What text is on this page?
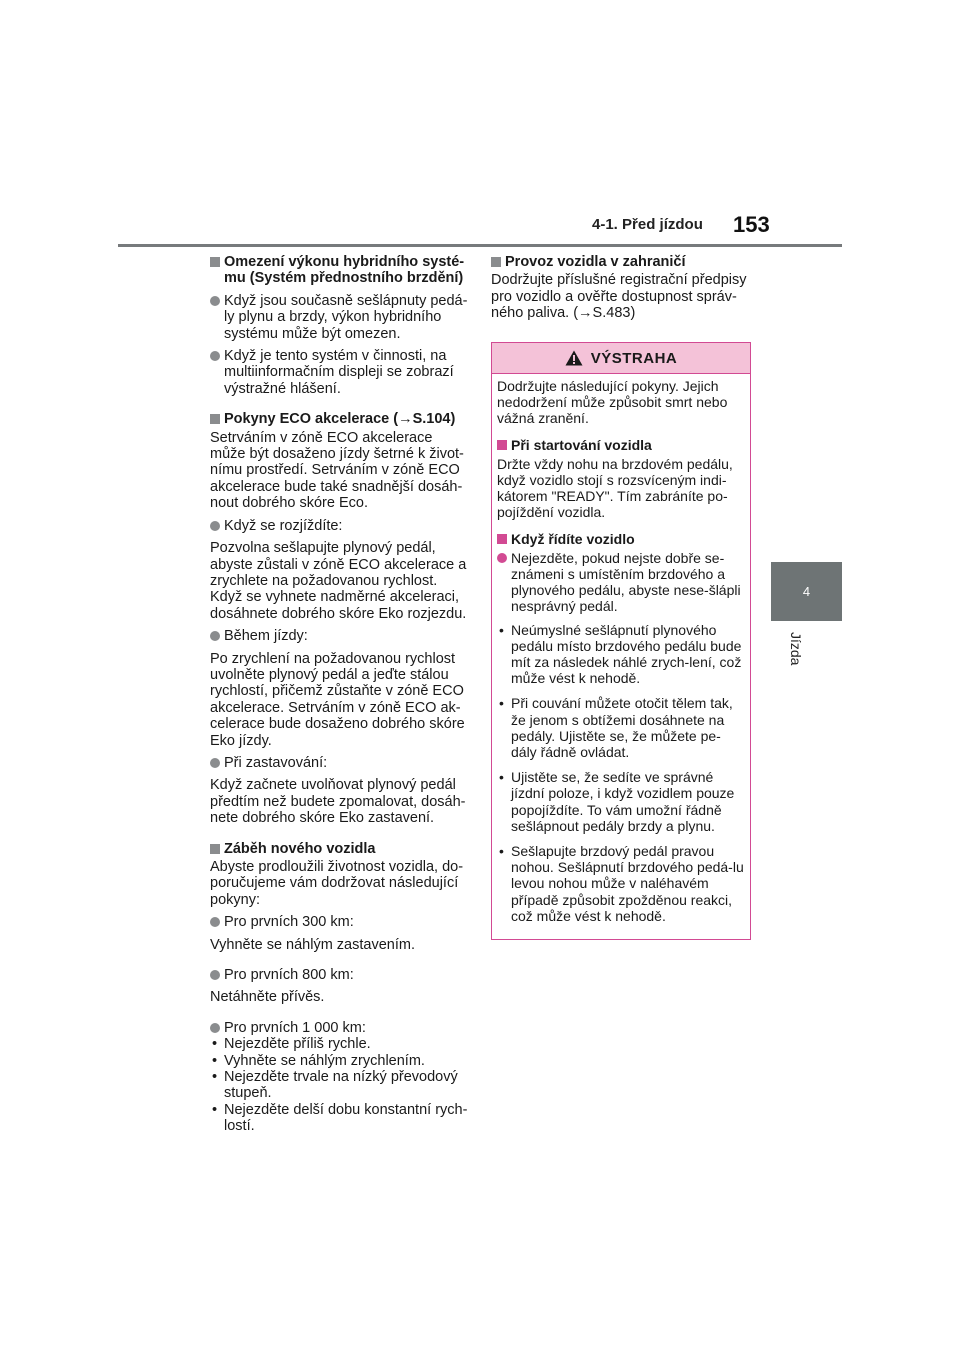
4-1. Před jízdou 153
4
Jízda
Omezení výkonu hybridního systé-mu (Systém přednostního brzdění)
Když jsou současně sešlápnuty pedá-ly plynu a brzdy, výkon hybridního systému může být omezen.
Když je tento systém v činnosti, na multiinformačním displeji se zobrazí výstražné hlášení.
Pokyny ECO akcelerace (→S.104)
Setrváním v zóně ECO akcelerace může být dosaženo jízdy šetrné k život-nímu prostředí. Setrváním v zóně ECO akcelerace bude také snadnější dosáh-nout dobrého skóre Eco.
Když se rozjíždíte:
Pozvolna sešlapujte plynový pedál, abyste zůstali v zóně ECO akcelerace a zrychlete na požadovanou rychlost. Když se vyhnete nadměrné akceleraci, dosáhnete dobrého skóre Eko rozjezdu.
Během jízdy:
Po zrychlení na požadovanou rychlost uvolněte plynový pedál a jeďte stálou rychlostí, přičemž zůstaňte v zóně ECO akcelerace. Setrváním v zóně ECO ak-celerace bude dosaženo dobrého skóre Eko jízdy.
Při zastavování:
Když začnete uvolňovat plynový pedál předtím než budete zpomalovat, dosáh-nete dobrého skóre Eko zastavení.
Záběh nového vozidla
Abyste prodloužili životnost vozidla, do-poručujeme vám dodržovat následující pokyny:
Pro prvních 300 km:
Vyhněte se náhlým zastavením.
Pro prvních 800 km:
Netáhněte přívěs.
Pro prvních 1 000 km:
• Nejezděte příliš rychle.
• Vyhněte se náhlým zrychlením.
• Nejezděte trvale na nízký převodový stupeň.
• Nejezděte delší dobu konstantní rych-lostí.
Provoz vozidla v zahraničí
Dodržujte příslušné registrační předpisy pro vozidlo a ověřte dostupnost správ-ného paliva. (→S.483)
VÝSTRAHA
Dodržujte následující pokyny. Jejich nedodržení může způsobit smrt nebo vážná zranění.
Při startování vozidla
Držte vždy nohu na brzdovém pedálu, když vozidlo stojí s rozsvíceným indi-kátorem "READY". Tím zabráníte po-pojíždění vozidla.
Když řídíte vozidlo
Nejezděte, pokud nejste dobře se-známeni s umístěním brzdového a plynového pedálu, abyste nese-šlápli nesprávný pedál.
• Neúmyslné sešlápnutí plynového pedálu místo brzdového pedálu bude mít za následek náhlé zrych-lení, což může vést k nehodě.
• Při couvání můžete otočit tělem tak, že jenom s obtížemi dosáhnete na pedály. Ujistěte se, že můžete pe-dály řádně ovládat.
• Ujistěte se, že sedíte ve správné jízdní poloze, i když vozidlem pouze popojíždíte. To vám umožní řádně sešlápnout pedály brzdy a plynu.
• Sešlapujte brzdový pedál pravou nohou. Sešlápnutí brzdového pedá-lu levou nohou může v naléhavém případě způsobit zpožděnou reakci, což může vést k nehodě.
